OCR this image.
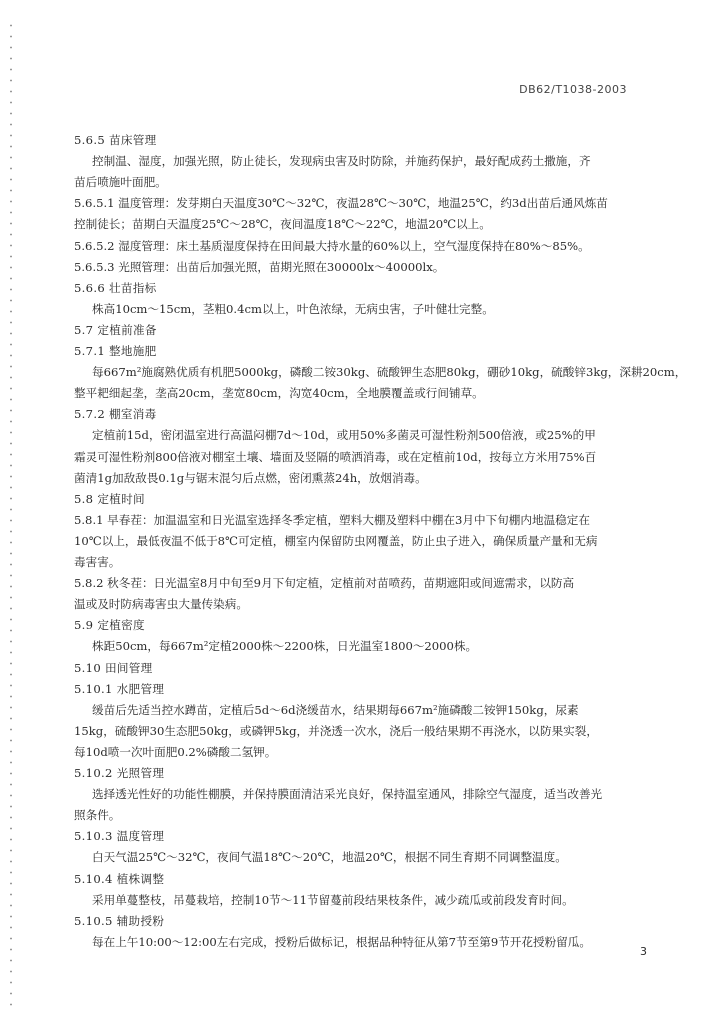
DB62/T1038-2003
5.6.5 苗床管理
控制温、湿度，加强光照，防止徒长，发现病虫害及时防除，并施药保护，最好配成药土撒施，齐
苗后喷施叶面肥。
5.6.5.1 温度管理：发芽期白天温度30℃～32℃，夜温28℃～30℃，地温25℃，约3d出苗后通风炼苗
控制徒长；苗期白天温度25℃～28℃，夜间温度18℃～22℃，地温20℃以上。
5.6.5.2 湿度管理：床土基质湿度保持在田间最大持水量的60%以上，空气湿度保持在80%～85%。
5.6.5.3 光照管理：出苗后加强光照，苗期光照在30000lx～40000lx。
5.6.6 壮苗指标
株高10cm～15cm，茎粗0.4cm以上，叶色浓绿，无病虫害，子叶健壮完整。
5.7 定植前准备
5.7.1 整地施肥
每667m²施腐熟优质有机肥5000kg，磷酸二铵30kg、硫酸钾生态肥80kg，硼砂10kg，硫酸锌3kg，深耕20cm，
整平耙细起垄，垄高20cm，垄宽80cm，沟宽40cm，全地膜覆盖或行间铺草。
5.7.2 棚室消毒
定植前15d，密闭温室进行高温闷棚7d～10d，或用50%多菌灵可湿性粉剂500倍液，或25%的甲
霜灵可湿性粉剂800倍液对棚室土壤、墙面及竖隔的喷洒消毒，或在定植前10d，按每立方米用75%百
菌清1g加敌敌畏0.1g与锯末混匀后点燃，密闭熏蒸24h，放烟消毒。
5.8 定植时间
5.8.1 早春茬：加温温室和日光温室选择冬季定植，塑料大棚及塑料中棚在3月中下旬棚内地温稳定在
10℃以上，最低夜温不低于8℃可定植，棚室内保留防虫网覆盖，防止虫子进入，确保质量产量和无病
毒害害。
5.8.2 秋冬茬：日光温室8月中旬至9月下旬定植，定植前对苗喷药，苗期遮阳或间遮需求，以防高
温或及时防病毒害虫大量传染病。
5.9 定植密度
株距50cm，每667m²定植2000株～2200株，日光温室1800～2000株。
5.10 田间管理
5.10.1 水肥管理
缓苗后先适当控水蹲苗，定植后5d～6d浇缓苗水，结果期每667m²施磷酸二铵钾150kg，尿素
15kg，硫酸钾30生态肥50kg，或磷钾5kg，并浇透一次水，浇后一般结果期不再浇水，以防果实裂，
每10d喷一次叶面肥0.2%磷酸二氢钾。
5.10.2 光照管理
选择透光性好的功能性棚膜，并保持膜面清洁采光良好，保持温室通风，排除空气湿度，适当改善光
照条件。
5.10.3 温度管理
白天气温25℃～32℃，夜间气温18℃～20℃，地温20℃，根据不同生育期不同调整温度。
5.10.4 植株调整
采用单蔓整枝，吊蔓栽培，控制10节～11节留蔓前段结果枝条件，减少疏瓜或前段发育时间。
5.10.5 辅助授粉
每在上午10:00～12:00左右完成，授粉后做标记，根据品种特征从第7节至第9节开花授粉留瓜。
3
